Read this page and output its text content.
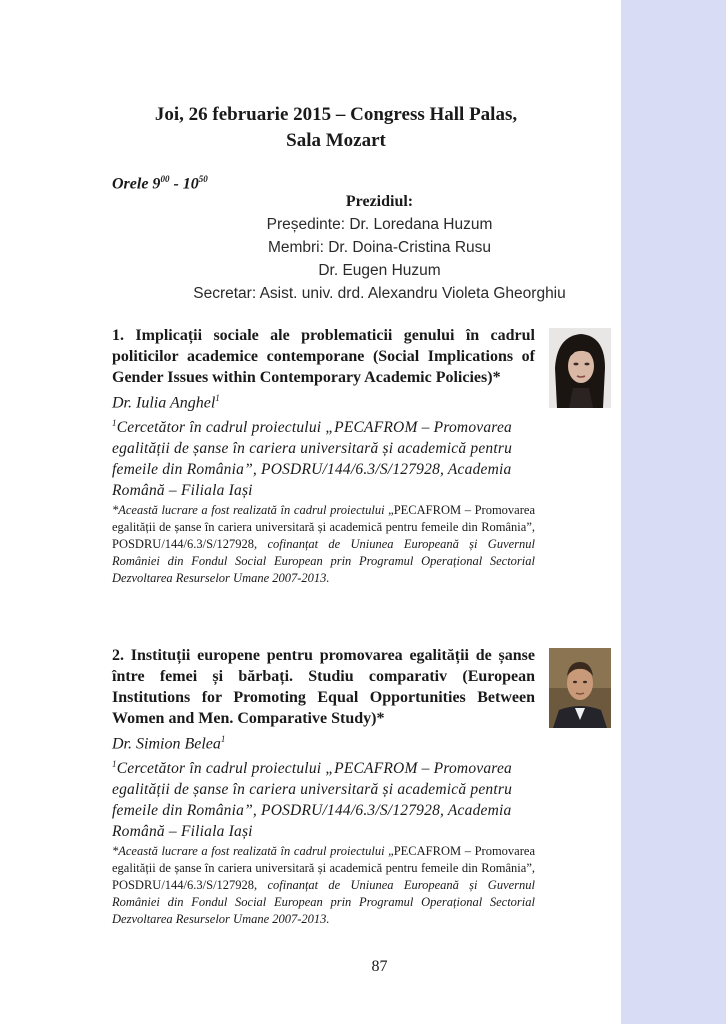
Joi, 26 februarie 2015 – Congress Hall Palas,
Sala Mozart
Orele $9^{00} - 10^{50}$
Prezidiul:
Președinte: Dr. Loredana Huzum
Membri: Dr. Doina-Cristina Rusu
Dr. Eugen Huzum
Secretar: Asist. univ. drd. Alexandru Violeta Gheorghiu
1. Implicații sociale ale problematicii genului în cadrul politicilor academice contemporane (Social Implications of Gender Issues within Contemporary Academic Policies)*
Dr. Iulia Anghel$^1$
$^1$Cercetător în cadrul proiectului „PECAFROM – Promovarea egalității de șanse în cariera universitară și academică pentru femeile din România”, POSDRU/144/6.3/S/127928, Academia Română – Filiala Iași
*Această lucrare a fost realizată în cadrul proiectului „PECAFROM – Promovarea egalității de șanse în cariera universitară și academică pentru femeile din România”, POSDRU/144/6.3/S/127928, cofinanțat de Uniunea Europeană și Guvernul României din Fondul Social European prin Programul Operațional Sectorial Dezvoltarea Resurselor Umane 2007-2013.
2. Instituții europene pentru promovarea egalității de șanse între femei și bărbați. Studiu comparativ (European Institutions for Promoting Equal Opportunities Between Women and Men. Comparative Study)*
Dr. Simion Belea$^1$
$^1$Cercetător în cadrul proiectului „PECAFROM – Promovarea egalității de șanse în cariera universitară și academică pentru femeile din România”, POSDRU/144/6.3/S/127928, Academia Română – Filiala Iași
*Această lucrare a fost realizată în cadrul proiectului „PECAFROM – Promovarea egalității de șanse în cariera universitară și academică pentru femeile din România”, POSDRU/144/6.3/S/127928, cofinanțat de Uniunea Europeană și Guvernul României din Fondul Social European prin Programul Operațional Sectorial Dezvoltarea Resurselor Umane 2007-2013.
87
